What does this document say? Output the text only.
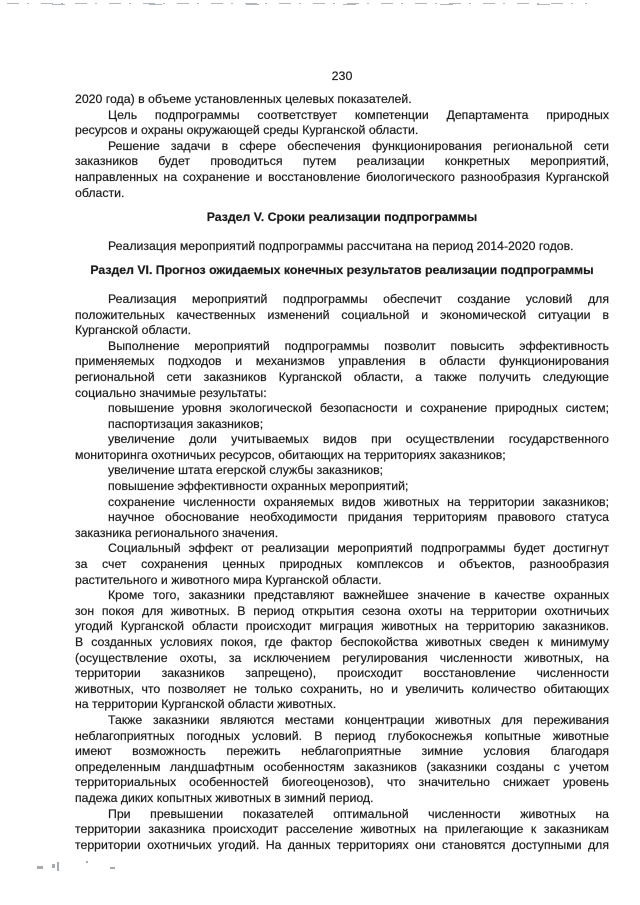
230
2020 года) в объеме установленных целевых показателей.
Цель подпрограммы соответствует компетенции Департамента природных
ресурсов и охраны окружающей среды Курганской области.
Решение задачи в сфере обеспечения функционирования региональной сети
заказников будет проводиться путем реализации конкретных мероприятий,
направленных на сохранение и восстановление биологического разнообразия Курганской
области.
Раздел V. Сроки реализации подпрограммы
Реализация мероприятий подпрограммы рассчитана на период 2014-2020 годов.
Раздел VI. Прогноз ожидаемых конечных результатов реализации подпрограммы
Реализация мероприятий подпрограммы обеспечит создание условий для
положительных качественных изменений социальной и экономической ситуации в
Курганской области.
Выполнение мероприятий подпрограммы позволит повысить эффективность
применяемых подходов и механизмов управления в области функционирования
региональной сети заказников Курганской области, а также получить следующие
социально значимые результаты:
повышение уровня экологической безопасности и сохранение природных систем;
паспортизация заказников;
увеличение доли учитываемых видов при осуществлении государственного
мониторинга охотничьих ресурсов, обитающих на территориях заказников;
увеличение штата егерской службы заказников;
повышение эффективности охранных мероприятий;
сохранение численности охраняемых видов животных на территории заказников;
научное обоснование необходимости придания территориям правового статуса
заказника регионального значения.
Социальный эффект от реализации мероприятий подпрограммы будет достигнут
за счет сохранения ценных природных комплексов и объектов, разнообразия
растительного и животного мира Курганской области.
Кроме того, заказники представляют важнейшее значение в качестве охранных
зон покоя для животных. В период открытия сезона охоты на территории охотничьих
угодий Курганской области происходит миграция животных на территорию заказников.
В созданных условиях покоя, где фактор беспокойства животных сведен к минимуму
(осуществление охоты, за исключением регулирования численности животных, на
территории заказников запрещено), происходит восстановление численности
животных, что позволяет не только сохранить, но и увеличить количество обитающих
на территории Курганской области животных.
Также заказники являются местами концентрации животных для переживания
неблагоприятных погодных условий. В период глубокоснежья копытные животные
имеют возможность пережить неблагоприятные зимние условия благодаря
определенным ландшафтным особенностям заказников (заказники созданы с учетом
территориальных особенностей биогеоценозов), что значительно снижает уровень
падежа диких копытных животных в зимний период.
При превышении показателей оптимальной численности животных на
территории заказника происходит расселение животных на прилегающие к заказникам
территории охотничьих угодий. На данных территориях они становятся доступными для
